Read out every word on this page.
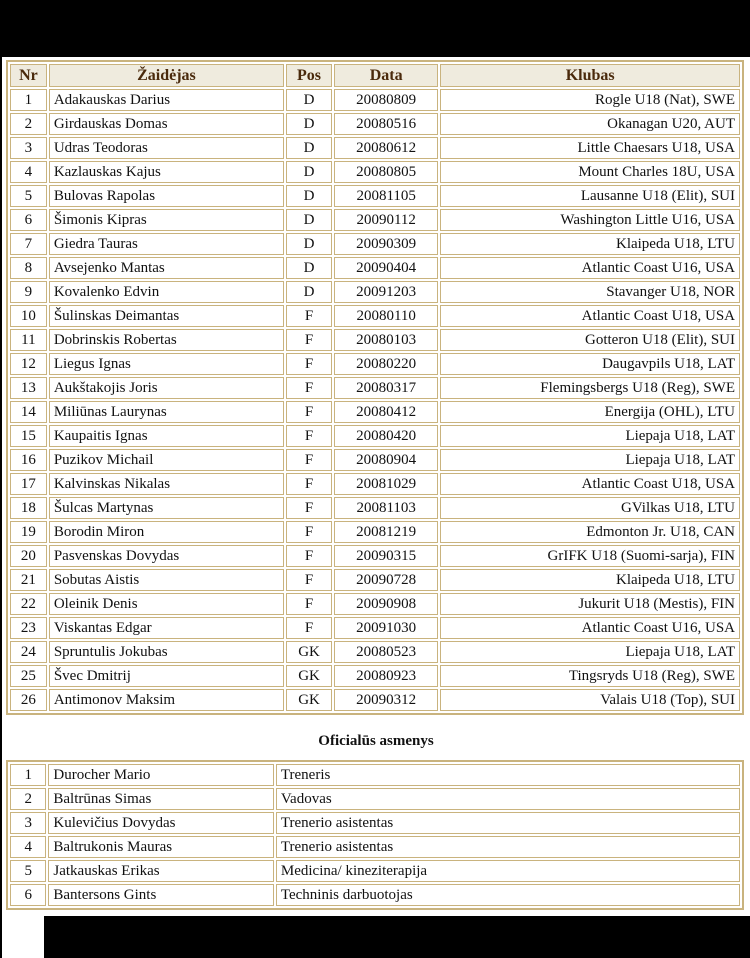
Nr	Žaidėjas	Pos	Data	Klubas
1	Adakauskas Darius	D	20080809	Rogle U18 (Nat), SWE
2	Girdauskas Domas	D	20080516	Okanagan U20, AUT
3	Udras Teodoras	D	20080612	Little Chaesars U18, USA
4	Kazlauskas Kajus	D	20080805	Mount Charles 18U, USA
5	Bulovas Rapolas	D	20081105	Lausanne U18 (Elit), SUI
6	Šimonis Kipras	D	20090112	Washington Little U16, USA
7	Giedra Tauras	D	20090309	Klaipeda U18, LTU
8	Avsejenko Mantas	D	20090404	Atlantic Coast U16, USA
9	Kovalenko Edvin	D	20091203	Stavanger U18, NOR
10	Šulinskas Deimantas	F	20080110	Atlantic Coast U18, USA
11	Dobrinskis Robertas	F	20080103	Gotteron U18 (Elit), SUI
12	Liegus Ignas	F	20080220	Daugavpils U18, LAT
13	Aukštakojis Joris	F	20080317	Flemingsbergs U18 (Reg), SWE
14	Miliūnas Laurynas	F	20080412	Energija (OHL), LTU
15	Kaupaitis Ignas	F	20080420	Liepaja U18, LAT
16	Puzikov Michail	F	20080904	Liepaja U18, LAT
17	Kalvinskas Nikalas	F	20081029	Atlantic Coast U18, USA
18	Šulcas Martynas	F	20081103	GVilkas U18, LTU
19	Borodin Miron	F	20081219	Edmonton Jr. U18, CAN
20	Pasvenskas Dovydas	F	20090315	GrIFK U18 (Suomi-sarja), FIN
21	Sobutas Aistis	F	20090728	Klaipeda U18, LTU
22	Oleinik Denis	F	20090908	Jukurit U18 (Mestis), FIN
23	Viskantas Edgar	F	20091030	Atlantic Coast U16, USA
24	Spruntulis Jokubas	GK	20080523	Liepaja U18, LAT
25	Švec Dmitrij	GK	20080923	Tingsryds U18 (Reg), SWE
26	Antimonov Maksim	GK	20090312	Valais U18 (Top), SUI
Oficialūs asmenys
1	Durocher Mario	Treneris
2	Baltrūnas Simas	Vadovas
3	Kulevičius Dovydas	Trenerio asistentas
4	Baltrukonis Mauras	Trenerio asistentas
5	Jatkauskas Erikas	Medicina/ kineziterapija
6	Bantersons Gints	Techninis darbuotojas
